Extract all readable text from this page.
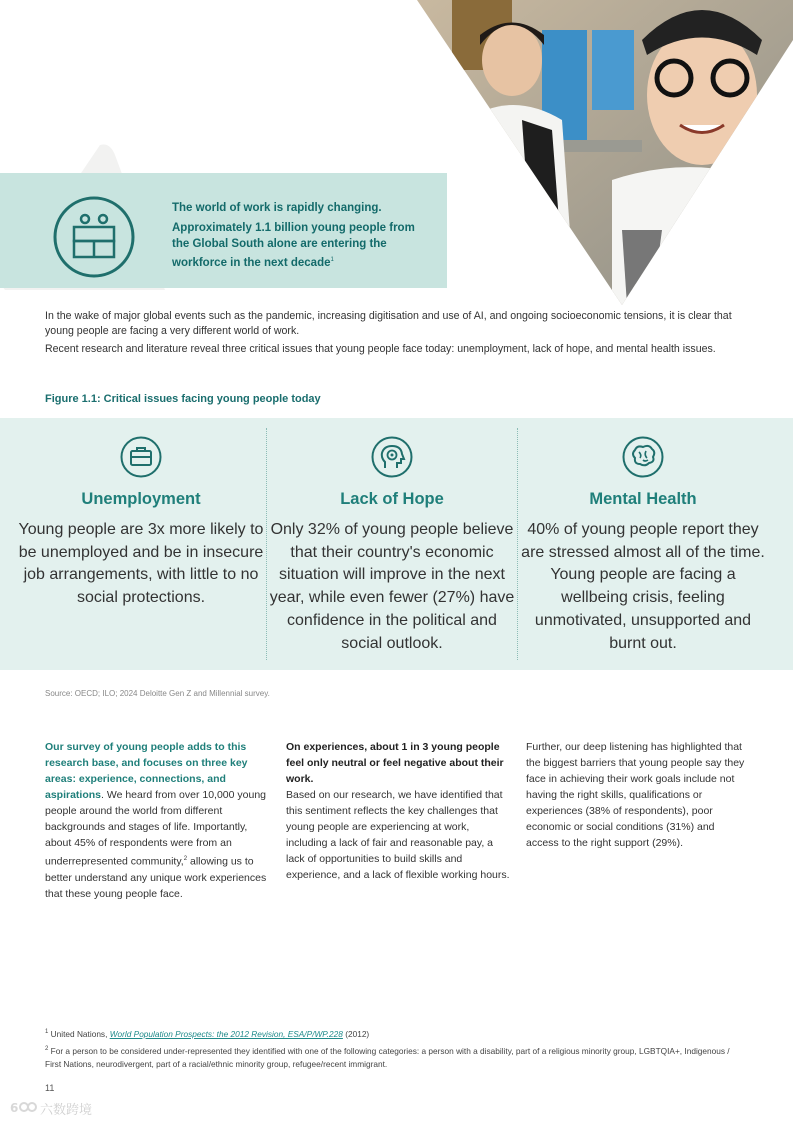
The world of work is rapidly changing.

Approximately 1.1 billion young people from the Global South alone are entering the workforce in the next decade$^1$

In the wake of major global events such as the pandemic, increasing digitisation and use of AI, and ongoing socioeconomic tensions, it is clear that young people are facing a very different world of work.

Recent research and literature reveal three critical issues that young people face today: unemployment, lack of hope, and mental health issues.

Figure 1.1: Critical issues facing young people today
Unemployment
Young people are 3x more likely to be unemployed and be in insecure job arrangements, with little to no social protections.
Lack of Hope
Only 32% of young people believe that their country's economic situation will improve in the next year, while even fewer (27%) have confidence in the political and social outlook.
Mental Health
40% of young people report they are stressed almost all of the time. Young people are facing a wellbeing crisis, feeling unmotivated, unsupported and burnt out.
Source: OECD; ILO; 2024 Deloitte Gen Z and Millennial survey.

Our survey of young people adds to this research base, and focuses on three key areas: experience, connections, and aspirations. We heard from over 10,000 young people around the world from different backgrounds and stages of life. Importantly, about 45% of respondents were from an underrepresented community,$^2$ allowing us to better understand any unique work experiences that these young people face.

On experiences, about 1 in 3 young people feel only neutral or feel negative about their work.

Based on our research, we have identified that this sentiment reflects the key challenges that young people are experiencing at work, including a lack of fair and reasonable pay, a lack of opportunities to build skills and experience, and a lack of flexible working hours.

Further, our deep listening has highlighted that the biggest barriers that young people say they face in achieving their work goals include not having the right skills, qualifications or experiences (38% of respondents), poor economic or social conditions (31%) and access to the right support (29%).

$^1$ United Nations, World Population Prospects: the 2012 Revision, ESA/P/WP.228 (2012)

$^2$ For a person to be considered under-represented they identified with one of the following categories: a person with a disability, part of a religious minority group, LGBTQIA+, Indigenous / First Nations, neurodivergent, part of a racial/ethnic minority group, refugee/recent immigrant.

11
6 六数跨境
